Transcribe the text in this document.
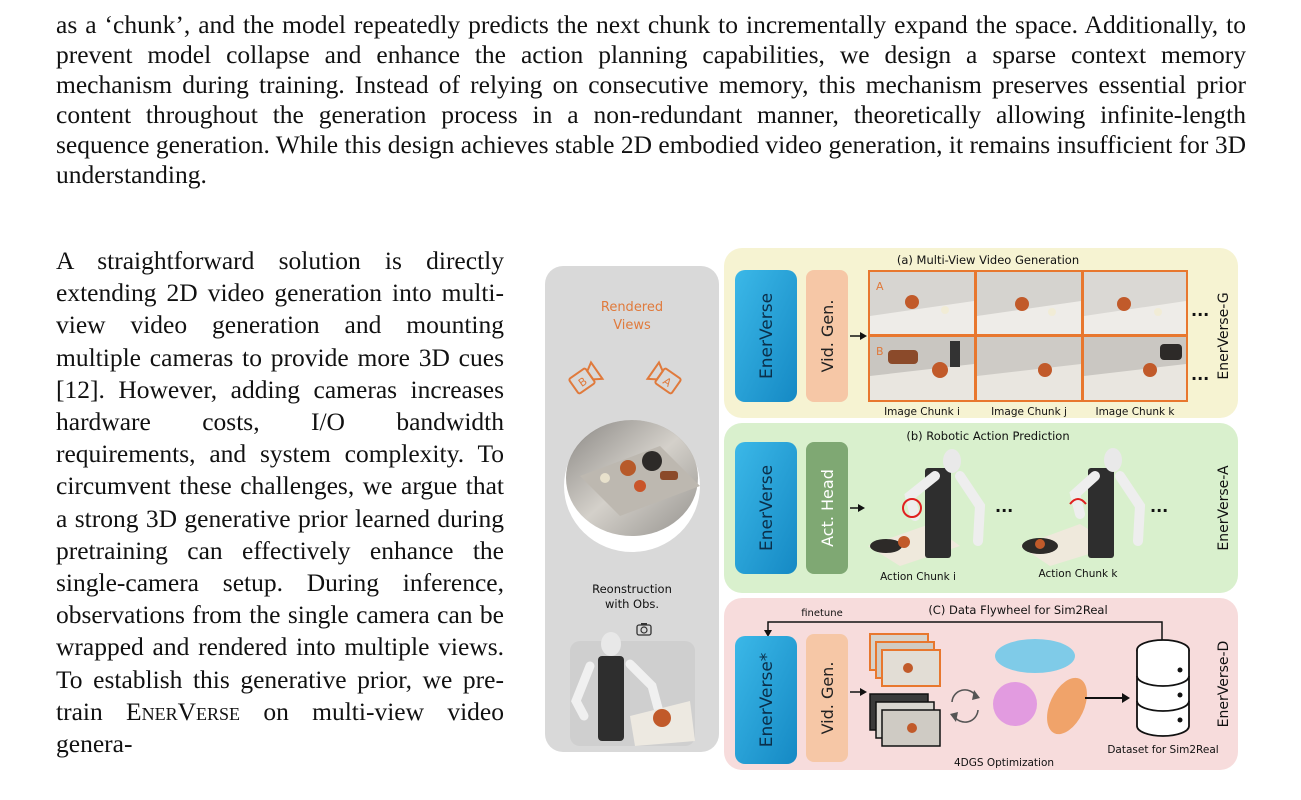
as a ‘chunk’, and the model repeatedly predicts the next chunk to incrementally expand the space. Additionally, to prevent model collapse and enhance the action planning capabilities, we design a sparse context memory mechanism during training. Instead of relying on consecutive memory, this mechanism preserves essential prior content throughout the generation process in a non-redundant manner, theoretically allowing infinite-length sequence generation. While this design achieves stable 2D embodied video generation, it remains insufficient for 3D understanding.

A straightforward solution is directly extending 2D video generation into multi-view video generation and mounting multiple cameras to provide more 3D cues [12]. However, adding cameras increases hardware costs, I/O bandwidth requirements, and system complexity. To circumvent these challenges, we argue that a strong 3D generative prior learned during pretraining can effectively enhance the single-camera setup. During inference, observations from the single camera can be wrapped and rendered into multiple views. To establish this generative prior, we pre-train EnerVerse on multi-view video genera-

Rendered
Views
B	A
Reonstruction
with Obs.
(a) Multi-View Video Generation
EnerVerse	Vid. Gen.
A
B
...
...
Image Chunk i	Image Chunk j	Image Chunk k
EnerVerse-G
(b) Robotic Action Prediction
EnerVerse	Act. Head	...	...
Action Chunk i	Action Chunk k
EnerVerse-A
(C) Data Flywheel for Sim2Real
finetune
EnerVerse*	Vid. Gen.
4DGS Optimization
Dataset for Sim2Real
EnerVerse-D
